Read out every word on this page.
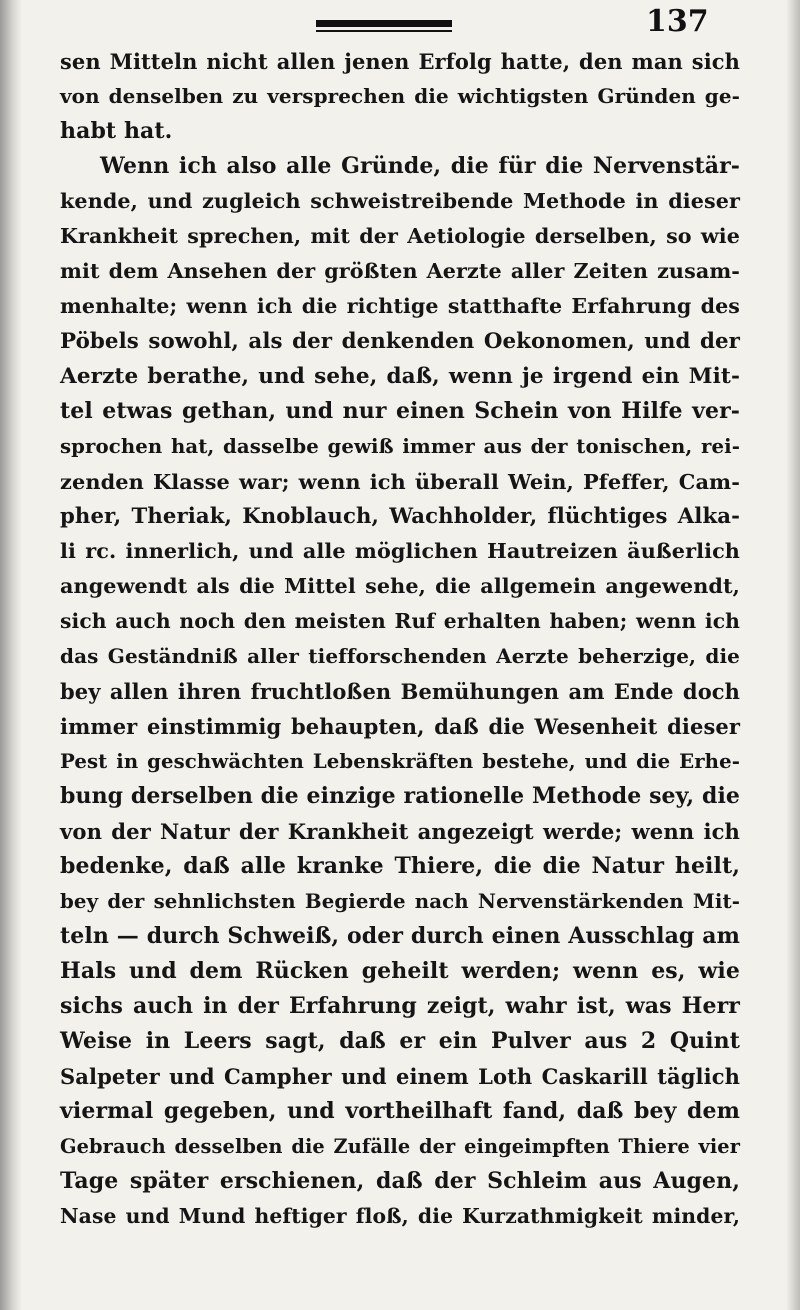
137
sen Mitteln nicht allen jenen Erfolg hatte, den man sich
von denselben zu versprechen die wichtigsten Gründen ge-
habt hat.
Wenn ich also alle Gründe, die für die Nervenstär-
kende, und zugleich schweistreibende Methode in dieser
Krankheit sprechen, mit der Aetiologie derselben, so wie
mit dem Ansehen der größten Aerzte aller Zeiten zusam-
menhalte; wenn ich die richtige statthafte Erfahrung des
Pöbels sowohl, als der denkenden Oekonomen, und der
Aerzte berathe, und sehe, daß, wenn je irgend ein Mit-
tel etwas gethan, und nur einen Schein von Hilfe ver-
sprochen hat, dasselbe gewiß immer aus der tonischen, rei-
zenden Klasse war; wenn ich überall Wein, Pfeffer, Cam-
pher, Theriak, Knoblauch, Wachholder, flüchtiges Alka-
li rc. innerlich, und alle möglichen Hautreizen äußerlich
angewendt als die Mittel sehe, die allgemein angewendt,
sich auch noch den meisten Ruf erhalten haben; wenn ich
das Geständniß aller tiefforschenden Aerzte beherzige, die
bey allen ihren fruchtloßen Bemühungen am Ende doch
immer einstimmig behaupten, daß die Wesenheit dieser
Pest in geschwächten Lebenskräften bestehe, und die Erhe-
bung derselben die einzige rationelle Methode sey, die
von der Natur der Krankheit angezeigt werde; wenn ich
bedenke, daß alle kranke Thiere, die die Natur heilt,
bey der sehnlichsten Begierde nach Nervenstärkenden Mit-
teln — durch Schweiß, oder durch einen Ausschlag am
Hals und dem Rücken geheilt werden; wenn es, wie
sichs auch in der Erfahrung zeigt, wahr ist, was Herr
Weise in Leers sagt, daß er ein Pulver aus 2 Quint
Salpeter und Campher und einem Loth Caskarill täglich
viermal gegeben, und vortheilhaft fand, daß bey dem
Gebrauch desselben die Zufälle der eingeimpften Thiere vier
Tage später erschienen, daß der Schleim aus Augen,
Nase und Mund heftiger floß, die Kurzathmigkeit minder,
